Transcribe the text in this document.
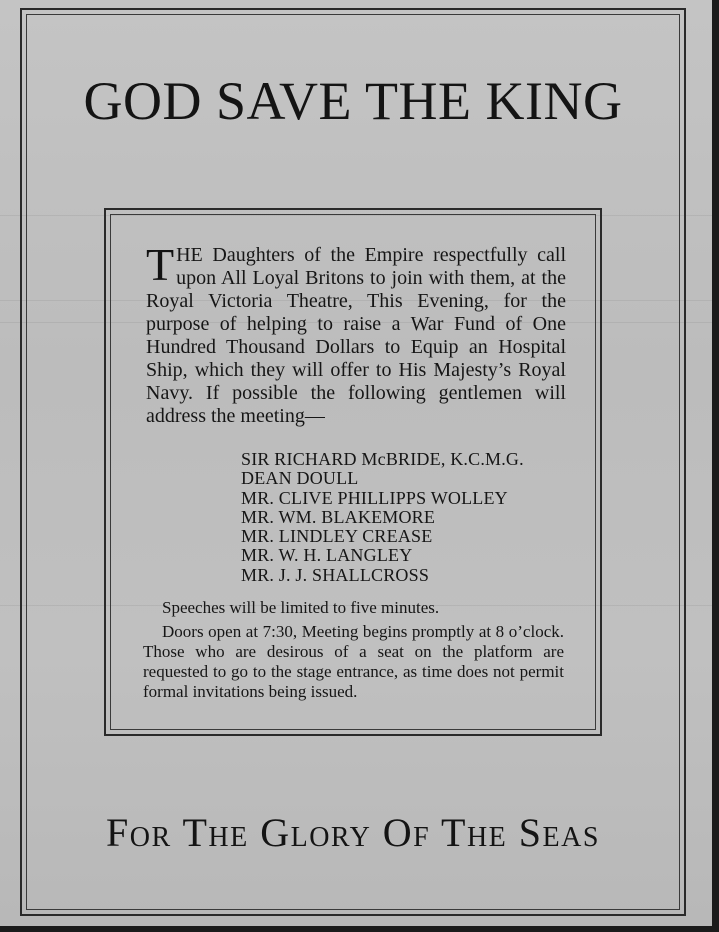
GOD SAVE THE KING
THE Daughters of the Empire respectfully call upon All Loyal Britons to join with them, at the Royal Victoria Theatre, This Evening, for the purpose of helping to raise a War Fund of One Hundred Thousand Dollars to Equip an Hospital Ship, which they will offer to His Majesty’s Royal Navy. If possible the following gentlemen will address the meeting—
SIR RICHARD McBRIDE, K.C.M.G.
DEAN DOULL
MR. CLIVE PHILLIPPS WOLLEY
MR. WM. BLAKEMORE
MR. LINDLEY CREASE
MR. W. H. LANGLEY
MR. J. J. SHALLCROSS
Speeches will be limited to five minutes.
Doors open at 7:30, Meeting begins promptly at 8 o’clock. Those who are desirous of a seat on the platform are requested to go to the stage entrance, as time does not permit formal invitations being issued.
For The Glory Of The Seas
